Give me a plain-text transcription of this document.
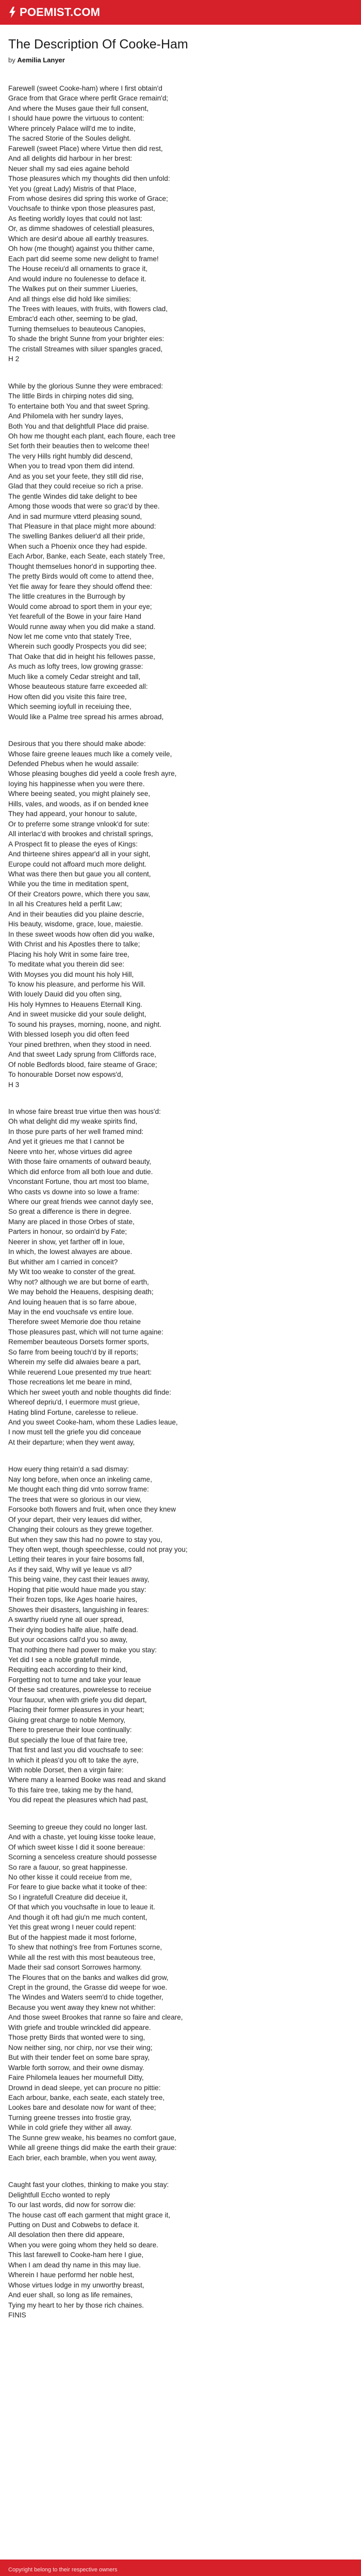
POEMIST.COM
The Description Of Cooke-Ham
by Aemilia Lanyer
Farewell (sweet Cooke-ham) where I first obtain'd
Grace from that Grace where perfit Grace remain'd;
And where the Muses gaue their full consent,
I should haue powre the virtuous to content:
Where princely Palace will'd me to indite,
The sacred Storie of the Soules delight.
Farewell (sweet Place) where Virtue then did rest,
And all delights did harbour in her brest:
Neuer shall my sad eies againe behold
Those pleasures which my thoughts did then unfold:
Yet you (great Lady) Mistris of that Place,
From whose desires did spring this worke of Grace;
Vouchsafe to thinke vpon those pleasures past,
As fleeting worldly Ioyes that could not last:
Or, as dimme shadowes of celestiall pleasures,
Which are desir'd aboue all earthly treasures.
Oh how (me thought) against you thither came,
Each part did seeme some new delight to frame!
The House receiu'd all ornaments to grace it,
And would indure no foulenesse to deface it.
The Walkes put on their summer Liueries,
And all things else did hold like similies:
The Trees with leaues, with fruits, with flowers clad,
Embrac'd each other, seeming to be glad,
Turning themselues to beauteous Canopies,
To shade the bright Sunne from your brighter eies:
The cristall Streames with siluer spangles graced,
H 2
While by the glorious Sunne they were embraced:
The little Birds in chirping notes did sing,
To entertaine both You and that sweet Spring.
And Philomela with her sundry layes,
Both You and that delightfull Place did praise.
Oh how me thought each plant, each floure, each tree
Set forth their beauties then to welcome thee!
The very Hills right humbly did descend,
When you to tread vpon them did intend.
And as you set your feete, they still did rise,
Glad that they could receiue so rich a prise.
The gentle Windes did take delight to bee
Among those woods that were so grac'd by thee.
And in sad murmure vtterd pleasing sound,
That Pleasure in that place might more abound:
The swelling Bankes deliuer'd all their pride,
When such a Phoenix once they had espide.
Each Arbor, Banke, each Seate, each stately Tree,
Thought themselues honor'd in supporting thee.
The pretty Birds would oft come to attend thee,
Yet flie away for feare they should offend thee:
The little creatures in the Burrough by
Would come abroad to sport them in your eye;
Yet fearefull of the Bowe in your faire Hand
Would runne away when you did make a stand.
Now let me come vnto that stately Tree,
Wherein such goodly Prospects you did see;
That Oake that did in height his fellowes passe,
As much as lofty trees, low growing grasse:
Much like a comely Cedar streight and tall,
Whose beauteous stature farre exceeded all:
How often did you visite this faire tree,
Which seeming ioyfull in receiuing thee,
Would like a Palme tree spread his armes abroad,
Desirous that you there should make abode:
Whose faire greene leaues much like a comely veile,
Defended Phebus when he would assaile:
Whose pleasing boughes did yeeld a coole fresh ayre,
Ioying his happinesse when you were there.
Where beeing seated, you might plainely see,
Hills, vales, and woods, as if on bended knee
They had appeard, your honour to salute,
Or to preferre some strange vnlook'd for sute:
All interlac'd with brookes and christall springs,
A Prospect fit to please the eyes of Kings:
And thirteene shires appear'd all in your sight,
Europe could not affoard much more delight.
What was there then but gaue you all content,
While you the time in meditation spent,
Of their Creators powre, which there you saw,
In all his Creatures held a perfit Law;
And in their beauties did you plaine descrie,
His beauty, wisdome, grace, loue, maiestie.
In these sweet woods how often did you walke,
With Christ and his Apostles there to talke;
Placing his holy Writ in some faire tree,
To meditate what you therein did see:
With Moyses you did mount his holy Hill,
To know his pleasure, and performe his Will.
With louely Dauid did you often sing,
His holy Hymnes to Heauens Eternall King.
And in sweet musicke did your soule delight,
To sound his prayses, morning, noone, and night.
With blessed Ioseph you did often feed
Your pined brethren, when they stood in need.
And that sweet Lady sprung from Cliffords race,
Of noble Bedfords blood, faire steame of Grace;
To honourable Dorset now espows'd,
H 3
In whose faire breast true virtue then was hous'd:
Oh what delight did my weake spirits find,
In those pure parts of her well framed mind:
And yet it grieues me that I cannot be
Neere vnto her, whose virtues did agree
With those faire ornaments of outward beauty,
Which did enforce from all both loue and dutie.
Vnconstant Fortune, thou art most too blame,
Who casts vs downe into so lowe a frame:
Where our great friends wee cannot dayly see,
So great a difference is there in degree.
Many are placed in those Orbes of state,
Parters in honour, so ordain'd by Fate;
Neerer in show, yet farther off in loue,
In which, the lowest alwayes are aboue.
But whither am I carried in conceit?
My Wit too weake to conster of the great.
Why not? although we are but borne of earth,
We may behold the Heauens, despising death;
And louing heauen that is so farre aboue,
May in the end vouchsafe vs entire loue.
Therefore sweet Memorie doe thou retaine
Those pleasures past, which will not turne againe:
Remember beauteous Dorsets former sports,
So farre from beeing touch'd by ill reports;
Wherein my selfe did alwaies beare a part,
While reuerend Loue presented my true heart:
Those recreations let me beare in mind,
Which her sweet youth and noble thoughts did finde:
Whereof depriu'd, I euermore must grieue,
Hating blind Fortune, carelesse to relieue.
And you sweet Cooke-ham, whom these Ladies leaue,
I now must tell the griefe you did conceaue
At their departure; when they went away,
How euery thing retain'd a sad dismay:
Nay long before, when once an inkeling came,
Me thought each thing did vnto sorrow frame:
The trees that were so glorious in our view,
Forsooke both flowers and fruit, when once they knew
Of your depart, their very leaues did wither,
Changing their colours as they grewe together.
But when they saw this had no powre to stay you,
They often wept, though speechlesse, could not pray you;
Letting their teares in your faire bosoms fall,
As if they said, Why will ye leaue vs all?
This being vaine, they cast their leaues away,
Hoping that pitie would haue made you stay:
Their frozen tops, like Ages hoarie haires,
Showes their disasters, languishing in feares:
A swarthy riueld ryne all ouer spread,
Their dying bodies halfe aliue, halfe dead.
But your occasions call'd you so away,
That nothing there had power to make you stay:
Yet did I see a noble gratefull minde,
Requiting each according to their kind,
Forgetting not to turne and take your leaue
Of these sad creatures, powrelesse to receiue
Your fauour, when with griefe you did depart,
Placing their former pleasures in your heart;
Giuing great charge to noble Memory,
There to preserue their loue continually:
But specially the loue of that faire tree,
That first and last you did vouchsafe to see:
In which it pleas'd you oft to take the ayre,
With noble Dorset, then a virgin faire:
Where many a learned Booke was read and skand
To this faire tree, taking me by the hand,
You did repeat the pleasures which had past,
Seeming to greeue they could no longer last.
And with a chaste, yet louing kisse tooke leaue,
Of which sweet kisse I did it soone bereaue:
Scorning a senceless creature should possesse
So rare a fauour, so great happinesse.
No other kisse it could receiue from me,
For feare to giue backe what it tooke of thee:
So I ingratefull Creature did deceiue it,
Of that which you vouchsafte in loue to leaue it.
And though it oft had giu'n me much content,
Yet this great wrong I neuer could repent:
But of the happiest made it most forlorne,
To shew that nothing's free from Fortunes scorne,
While all the rest with this most beauteous tree,
Made their sad consort Sorrowes harmony.
The Floures that on the banks and walkes did grow,
Crept in the ground, the Grasse did weepe for woe.
The Windes and Waters seem'd to chide together,
Because you went away they knew not whither:
And those sweet Brookes that ranne so faire and cleare,
With griefe and trouble wrinckled did appeare.
Those pretty Birds that wonted were to sing,
Now neither sing, nor chirp, nor vse their wing;
But with their tender feet on some bare spray,
Warble forth sorrow, and their owne dismay.
Faire Philomela leaues her mournefull Ditty,
Drownd in dead sleepe, yet can procure no pittie:
Each arbour, banke, each seate, each stately tree,
Lookes bare and desolate now for want of thee;
Turning greene tresses into frostie gray,
While in cold griefe they wither all away.
The Sunne grew weake, his beames no comfort gaue,
While all greene things did make the earth their graue:
Each brier, each bramble, when you went away,
Caught fast your clothes, thinking to make you stay:
Delightfull Eccho wonted to reply
To our last words, did now for sorrow die:
The house cast off each garment that might grace it,
Putting on Dust and Cobwebs to deface it.
All desolation then there did appeare,
When you were going whom they held so deare.
This last farewell to Cooke-ham here I giue,
When I am dead thy name in this may liue.
Wherein I haue performd her noble hest,
Whose virtues lodge in my unworthy breast,
And euer shall, so long as life remaines,
Tying my heart to her by those rich chaines.
FINIS
Copyright belong to their respective owners
